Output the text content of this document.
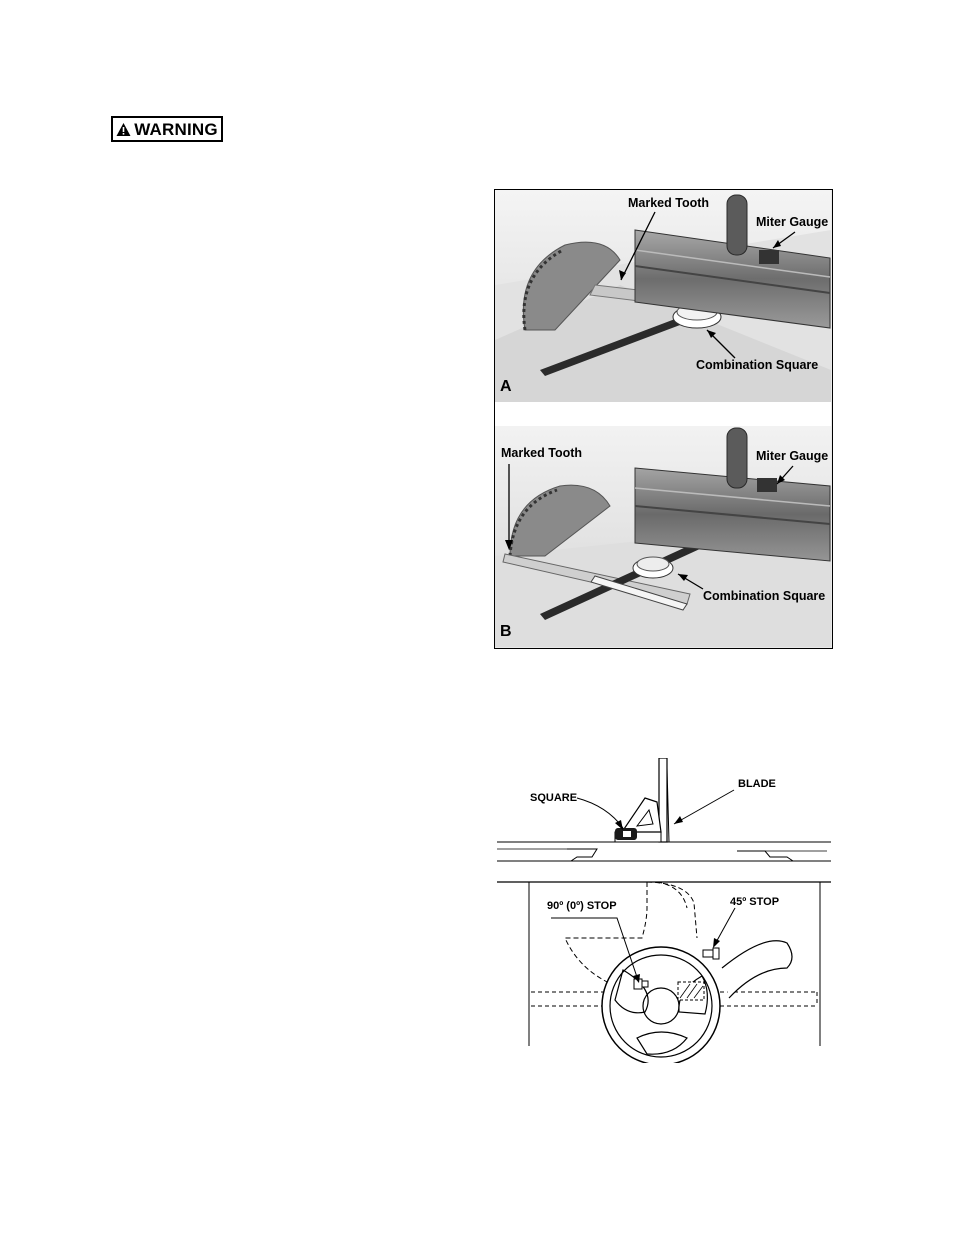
WARNING
Marked Tooth
Miter Gauge
Combination Square
A
Marked Tooth	Miter Gauge
Combination Square
B
SQUARE
BLADE
90º (0º) STOP	45º STOP
